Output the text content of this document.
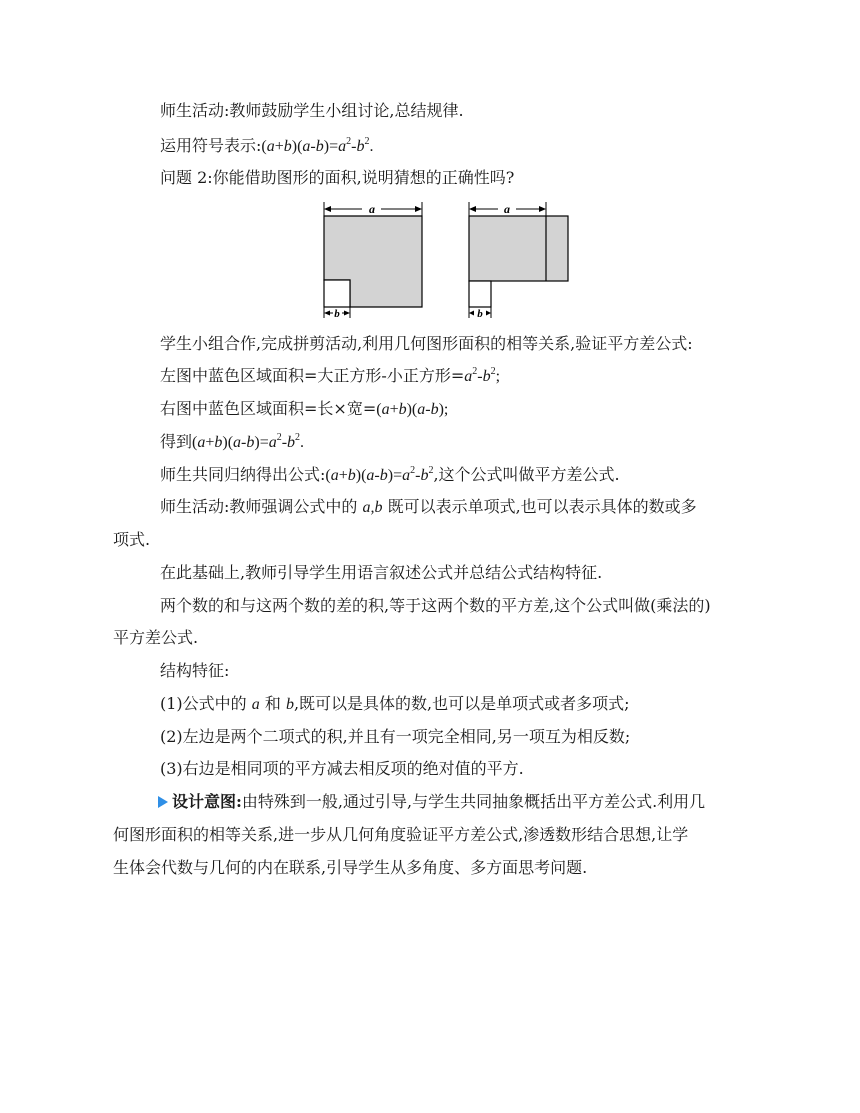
师生活动:教师鼓励学生小组讨论,总结规律.
运用符号表示$:(a+b)(a-b)=a^2-b^2$.
问题 2:你能借助图形的面积,说明猜想的正确性吗?
a
b
a
b
学生小组合作,完成拼剪活动,利用几何图形面积的相等关系,验证平方差公式:
左图中蓝色区域面积=大正方形-小正方形$=a^2-b^2$;
右图中蓝色区域面积=长×宽=(a+b)(a-b);
得到$(a+b)(a-b)=a^2-b^2$.
师生共同归纳得出公式$:(a+b)(a-b)=a^2-b^2$,这个公式叫做平方差公式.
师生活动:教师强调公式中的 a,b 既可以表示单项式,也可以表示具体的数或多
项式.
在此基础上,教师引导学生用语言叙述公式并总结公式结构特征.
两个数的和与这两个数的差的积,等于这两个数的平方差,这个公式叫做(乘法的)
平方差公式.
结构特征:
(1)公式中的 a 和 b,既可以是具体的数,也可以是单项式或者多项式;
(2)左边是两个二项式的积,并且有一项完全相同,另一项互为相反数;
(3)右边是相同项的平方减去相反项的绝对值的平方.
设计意图:由特殊到一般,通过引导,与学生共同抽象概括出平方差公式.利用几
何图形面积的相等关系,进一步从几何角度验证平方差公式,渗透数形结合思想,让学
生体会代数与几何的内在联系,引导学生从多角度、多方面思考问题.
